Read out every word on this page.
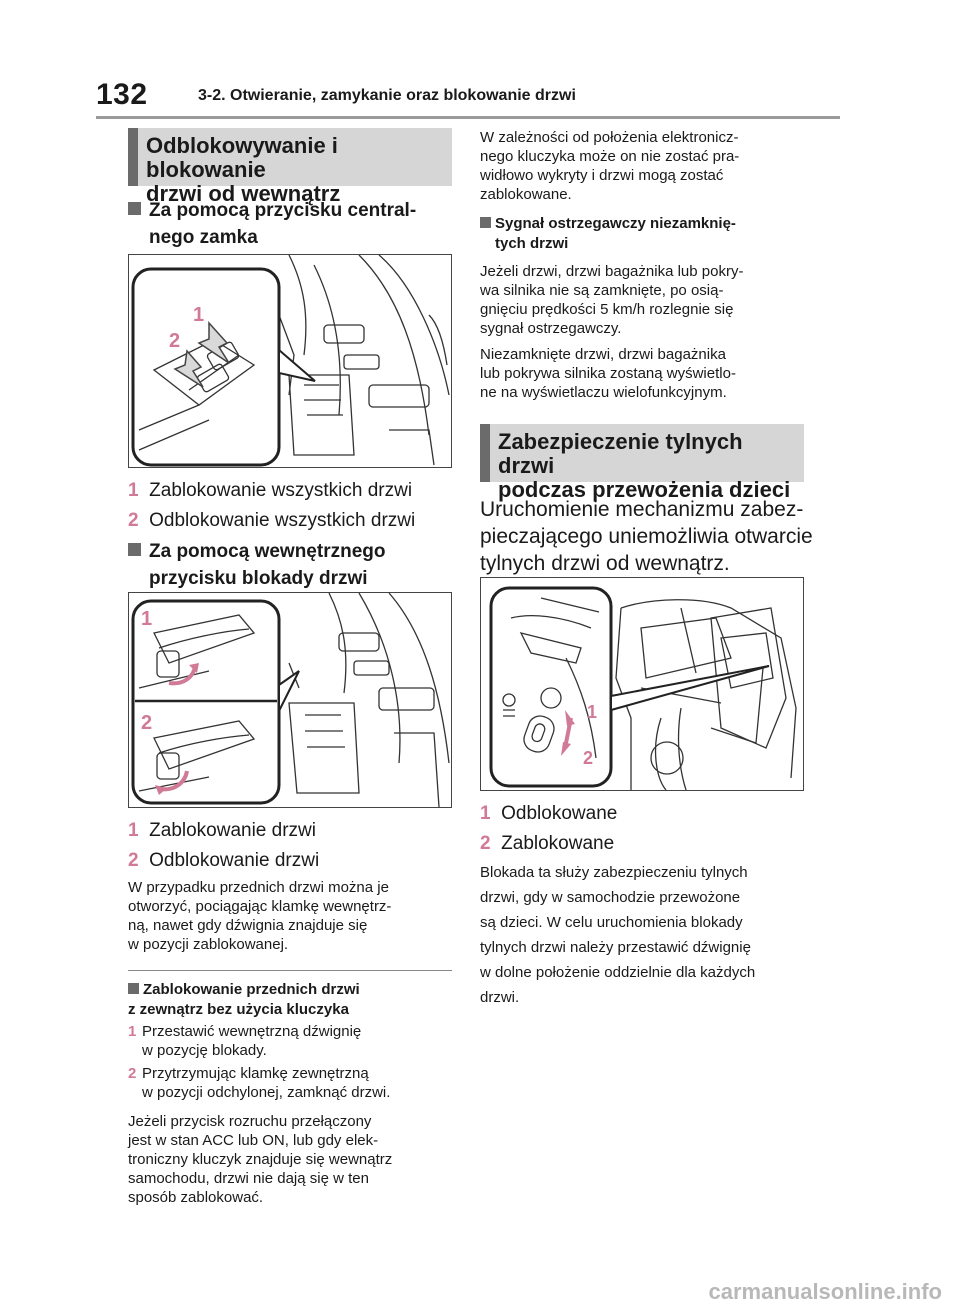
132	3-2. Otwieranie, zamykanie oraz blokowanie drzwi
Odblokowywanie i blokowanie
drzwi od wewnątrz
Za pomocą przycisku central-
nego zamka
1
2
1 Zablokowanie wszystkich drzwi
2 Odblokowanie wszystkich drzwi
Za pomocą wewnętrznego
przycisku blokady drzwi
1
2
1 Zablokowanie drzwi
2 Odblokowanie drzwi
W przypadku przednich drzwi można je
otworzyć, pociągając klamkę wewnętrz-
ną, nawet gdy dźwignia znajduje się
w pozycji zablokowanej.
Zablokowanie przednich drzwi
z zewnątrz bez użycia kluczyka
1 Przestawić wewnętrzną dźwignię
w pozycję blokady.
2 Przytrzymując klamkę zewnętrzną
w pozycji odchylonej, zamknąć drzwi.
Jeżeli przycisk rozruchu przełączony
jest w stan ACC lub ON, lub gdy elek-
troniczny kluczyk znajduje się wewnątrz
samochodu, drzwi nie dają się w ten
sposób zablokować.
W zależności od położenia elektronicz-
nego kluczyka może on nie zostać pra-
widłowo wykryty i drzwi mogą zostać
zablokowane.
Sygnał ostrzegawczy niezamknię-
tych drzwi
Jeżeli drzwi, drzwi bagażnika lub pokry-
wa silnika nie są zamknięte, po osią-
gnięciu prędkości 5 km/h rozlegnie się
sygnał ostrzegawczy.
Niezamknięte drzwi, drzwi bagażnika
lub pokrywa silnika zostaną wyświetlo-
ne na wyświetlaczu wielofunkcyjnym.
Zabezpieczenie tylnych drzwi
podczas przewożenia dzieci
Uruchomienie mechanizmu zabez-
pieczającego uniemożliwia otwarcie
tylnych drzwi od wewnątrz.
1
2
1 Odblokowane
2 Zablokowane
Blokada ta służy zabezpieczeniu tylnych
drzwi, gdy w samochodzie przewożone
są dzieci. W celu uruchomienia blokady
tylnych drzwi należy przestawić dźwignię
w dolne położenie oddzielnie dla każdych
drzwi.
carmanualsonline.info
